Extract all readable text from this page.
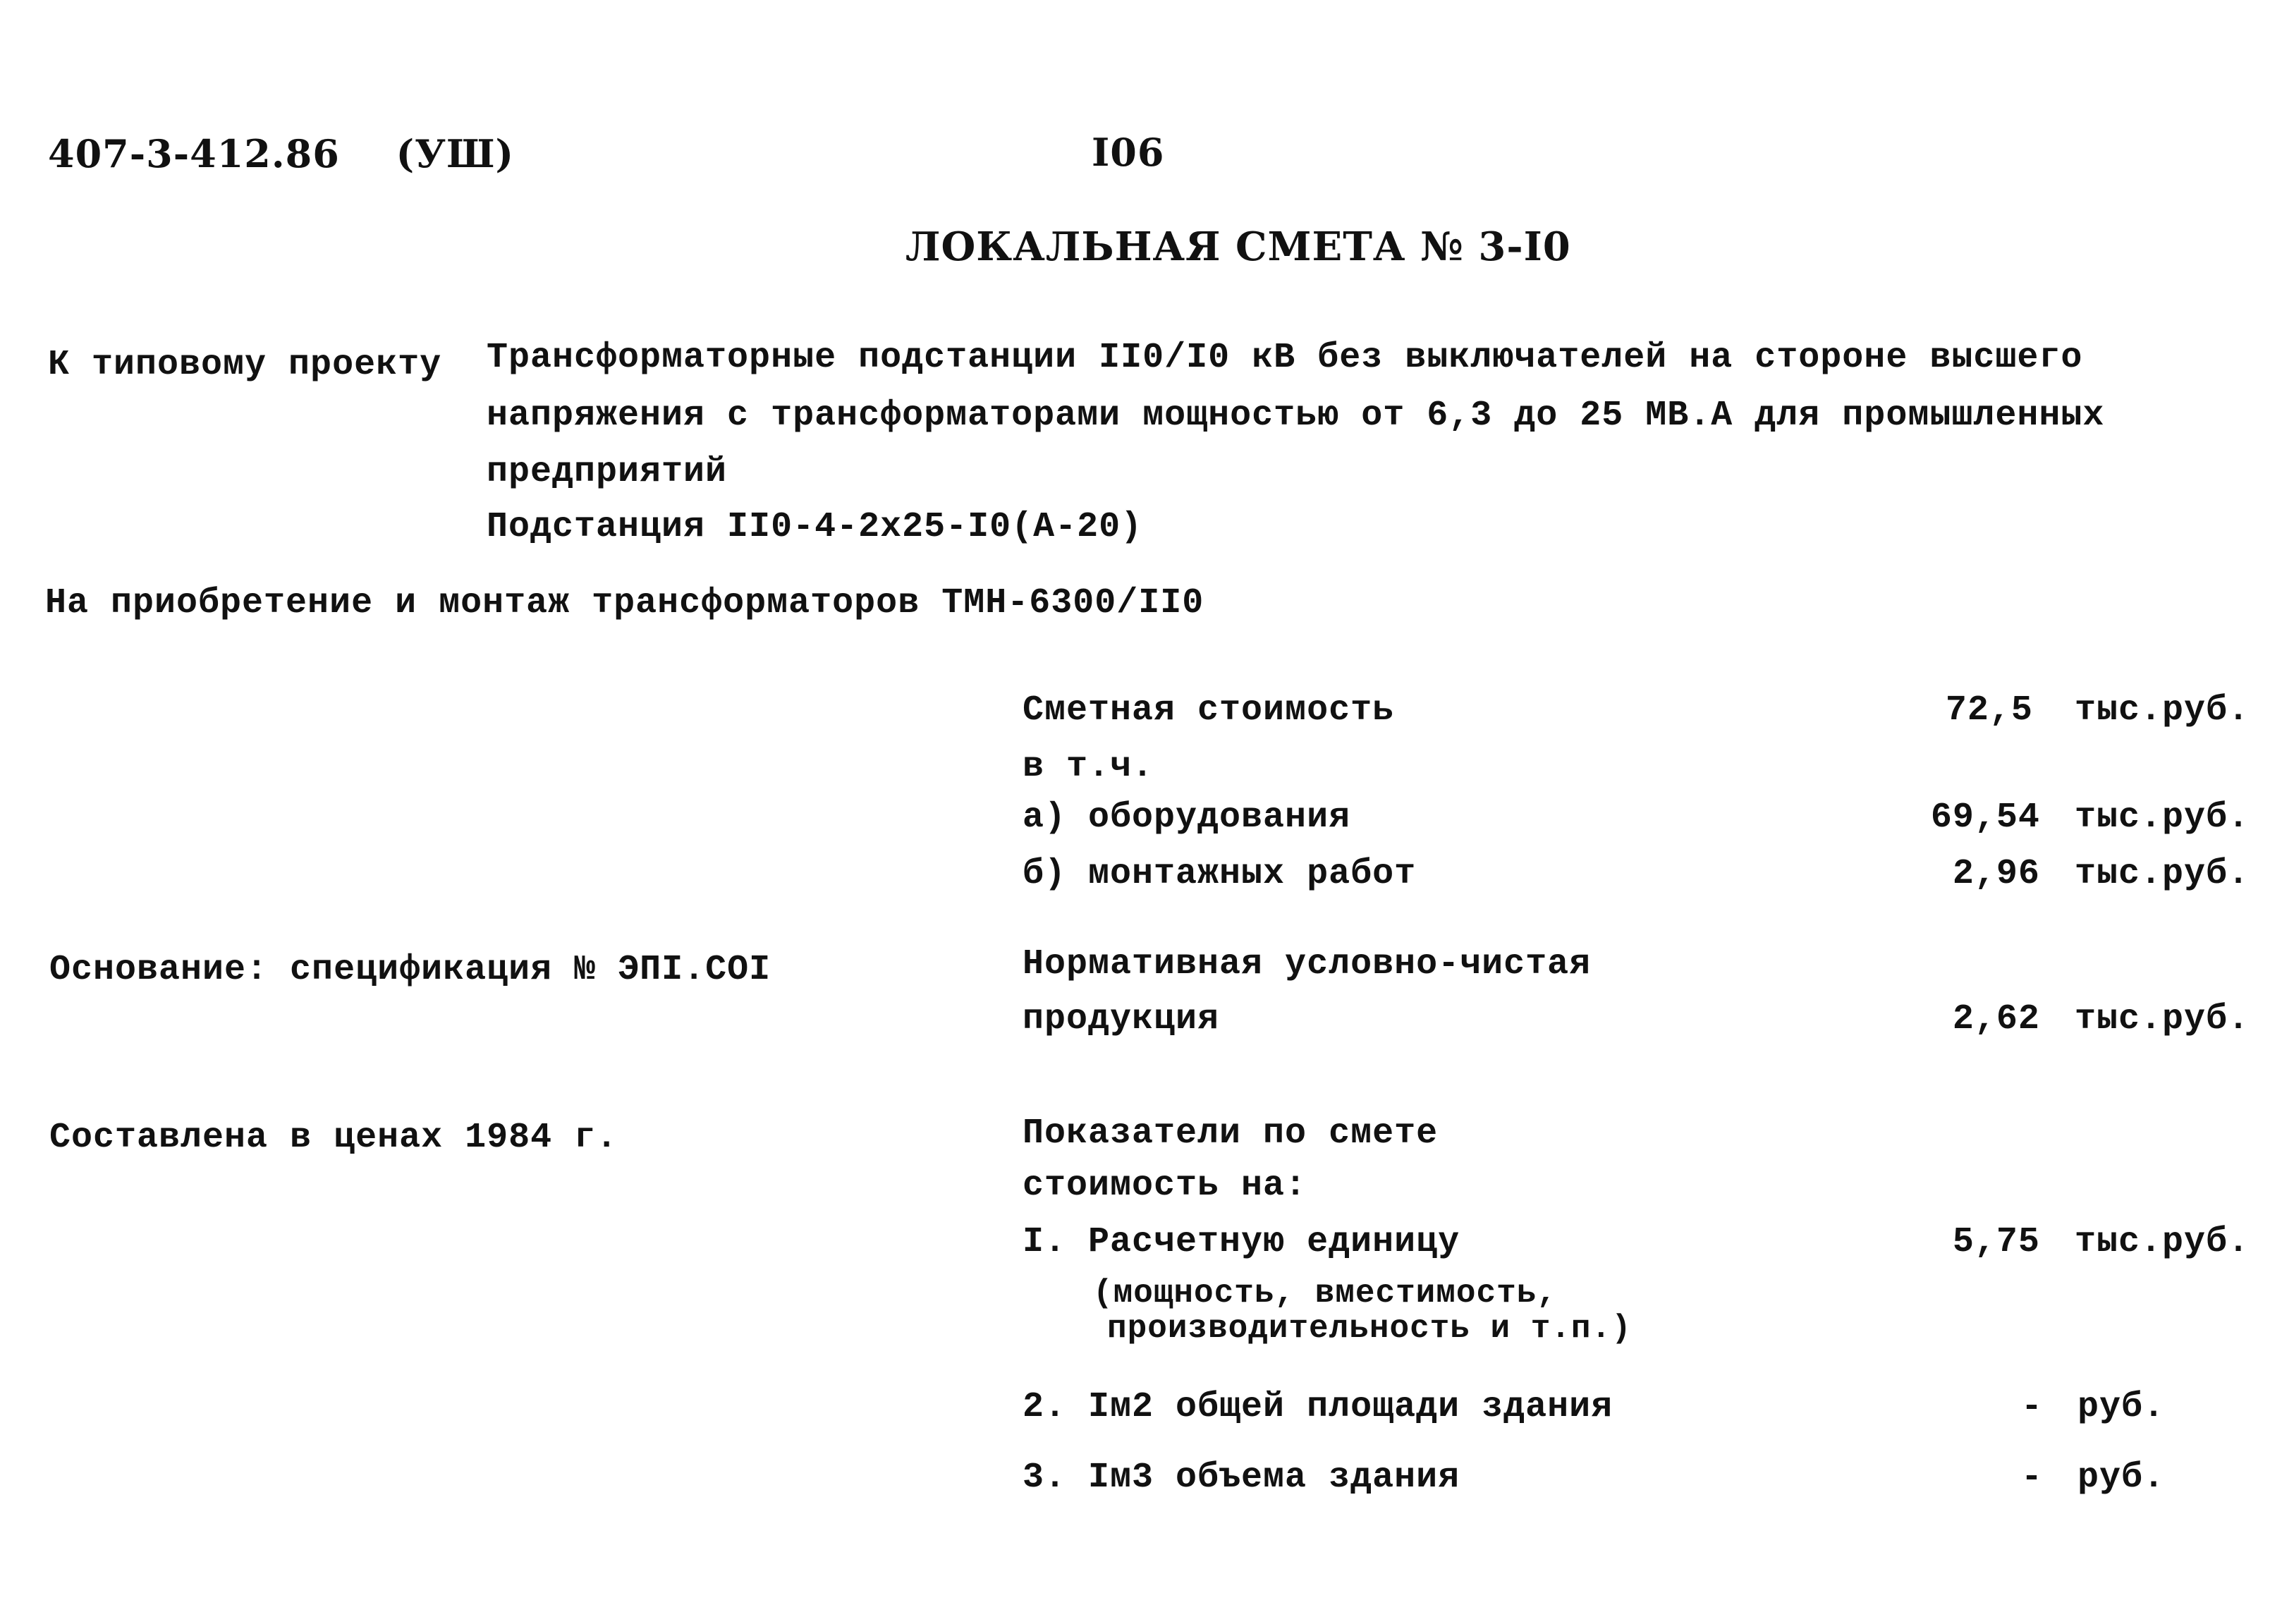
407-3-412.86 (УШ)	I06
ЛОКАЛЬНАЯ СМЕТА № 3-I0
К типовому проекту Трансформаторные подстанции II0/I0 кВ без выключателей на стороне высшего
напряжения с трансформаторами мощностью от 6,3 до 25 МВ.А для промышленных
предприятий
Подстанция II0-4-2х25-I0(А-20)
На приобретение и монтаж трансформаторов ТМН-6300/II0
Сметная стоимость	72,5 тыс.руб.
в т.ч.
а) оборудования	69,54 тыс.руб.
б) монтажных работ	2,96 тыс.руб.
Основание: спецификация № ЭПI.COI	Нормативная условно-чистая
продукция	2,62 тыс.руб.
Составлена в ценах 1984 г.	Показатели по смете
стоимость на:
I. Расчетную единицу	5,75 тыс.руб.
(мощность, вместимость,
производительность и т.п.)
2. Iм2 общей площади здания	- руб.
3. Iм3 объема здания	- руб.
